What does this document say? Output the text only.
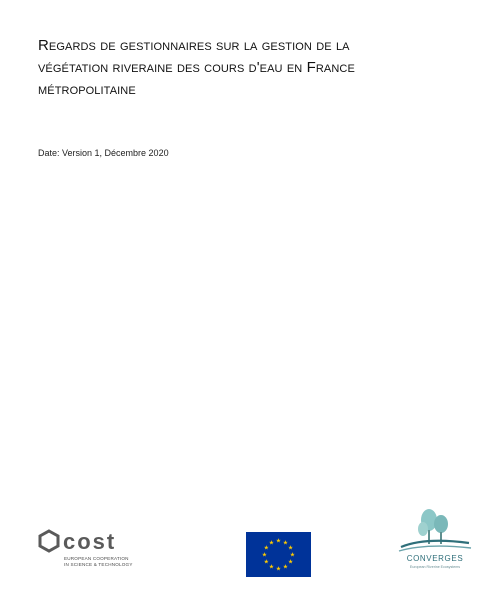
Regards de gestionnaires sur la gestion de la
végétation riveraine des cours d'eau en France
métropolitaine
Date: Version 1, Décembre 2020
cost
EUROPEAN COOPERATION
IN SCIENCE & TECHNOLOGY
★ ★
★
★
★
★
★
★
★
★
★
★
CONVERGES
European Riverine Ecosystems
